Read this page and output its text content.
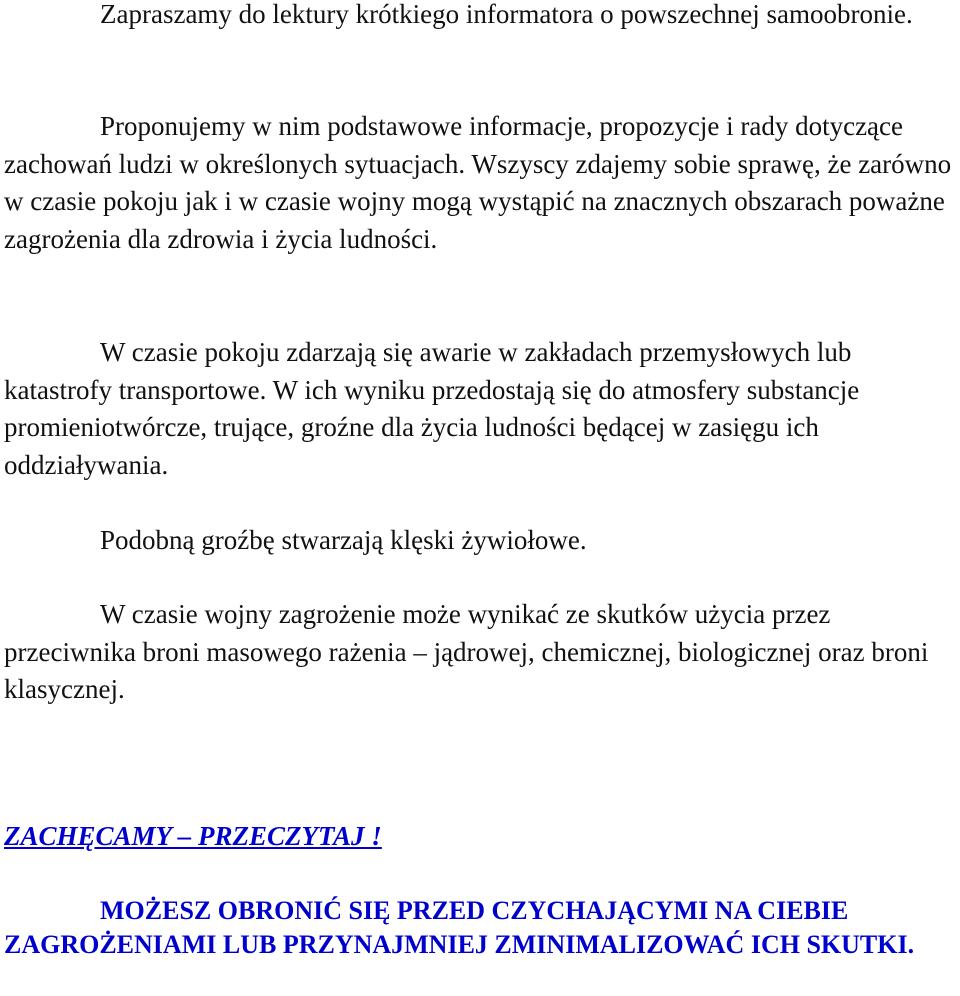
Zapraszamy do lektury krótkiego informatora o powszechnej samoobronie.

Proponujemy w nim podstawowe informacje, propozycje i rady dotyczące zachowań ludzi w określonych sytuacjach. Wszyscy zdajemy sobie sprawę, że zarówno w czasie pokoju jak i w czasie wojny mogą wystąpić na znacznych obszarach poważne zagrożenia dla zdrowia i życia ludności.

W czasie pokoju zdarzają się awarie w zakładach przemysłowych lub katastrofy transportowe. W ich wyniku przedostają się do atmosfery substancje promieniotwórcze, trujące, groźne dla życia ludności będącej w zasięgu ich oddziaływania.

Podobną groźbę stwarzają klęski żywiołowe.

W czasie wojny zagrożenie może wynikać ze skutków użycia przez przeciwnika broni masowego rażenia – jądrowej, chemicznej, biologicznej oraz broni klasycznej.

ZACHĘCAMY – PRZECZYTAJ !

MOŻESZ OBRONIĆ SIĘ PRZED CZYCHAJĄCYMI NA CIEBIE ZAGROŻENIAMI LUB PRZYNAJMNIEJ ZMINIMALIZOWAĆ ICH SKUTKI.
